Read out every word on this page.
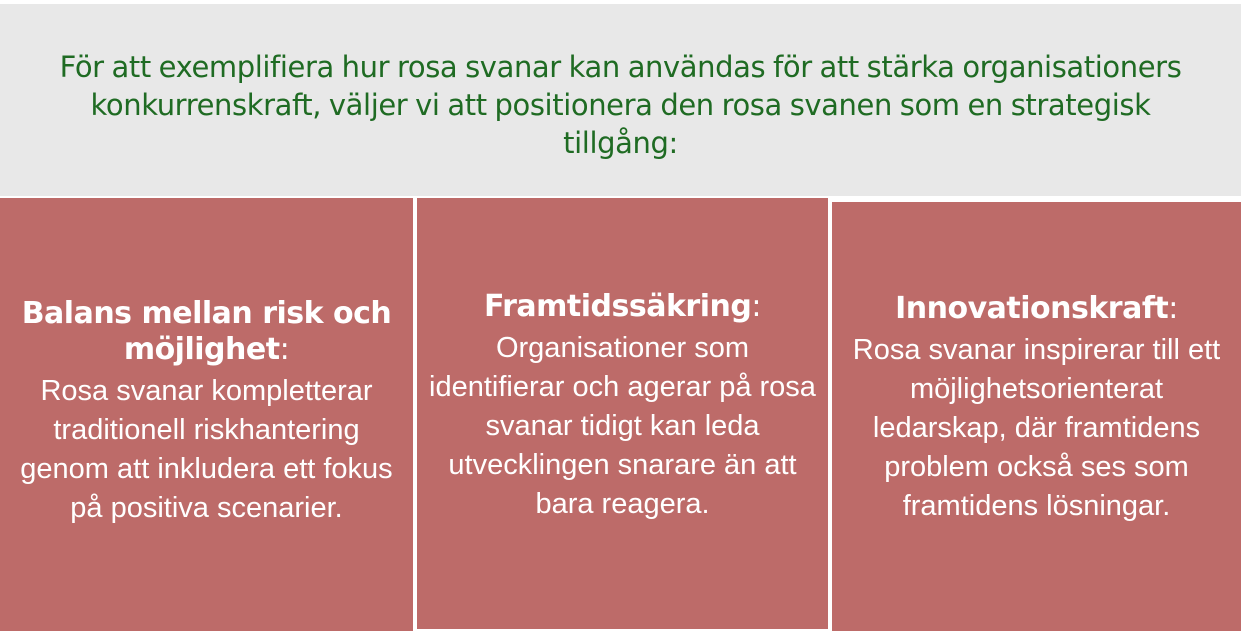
För att exemplifiera hur rosa svanar kan användas för att stärka organisationers konkurrenskraft, väljer vi att positionera den rosa svanen som en strategisk tillgång:

Balans mellan risk och möjlighet:

Rosa svanar kompletterar traditionell riskhantering genom att inkludera ett fokus på positiva scenarier.

Framtidssäkring:

Organisationer som identifierar och agerar på rosa svanar tidigt kan leda utvecklingen snarare än att bara reagera.

Innovationskraft:

Rosa svanar inspirerar till ett möjlighetsorienterat ledarskap, där framtidens problem också ses som framtidens lösningar.
